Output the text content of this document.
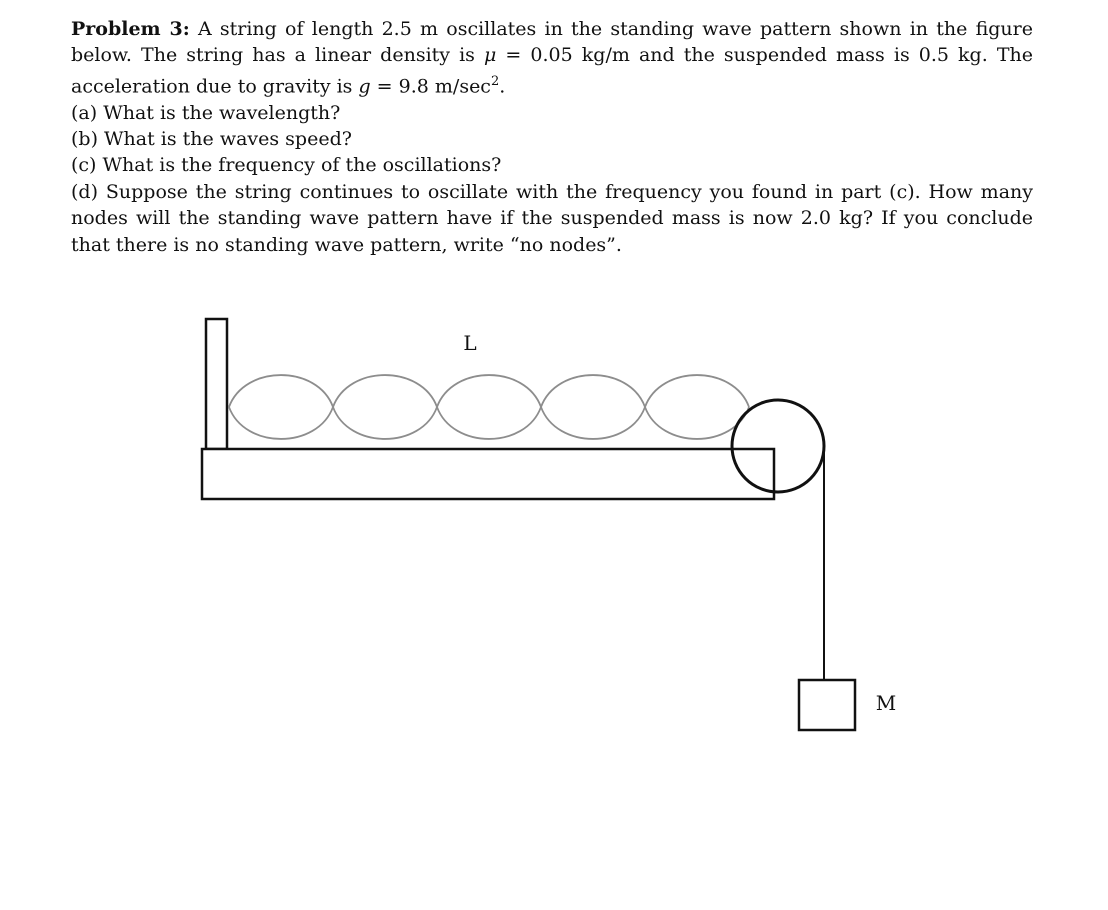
Problem 3: A string of length 2.5 m oscillates in the standing wave pattern shown in the figure below. The string has a linear density is μ = 0.05 kg/m and the suspended mass is 0.5 kg. The acceleration due to gravity is g = 9.8 $m/\sec^2$.

(a) What is the wavelength?

(b) What is the waves speed?

(c) What is the frequency of the oscillations?

(d) Suppose the string continues to oscillate with the frequency you found in part (c). How many nodes will the standing wave pattern have if the suspended mass is now 2.0 kg? If you conclude that there is no standing wave pattern, write “no nodes”.

L
M
